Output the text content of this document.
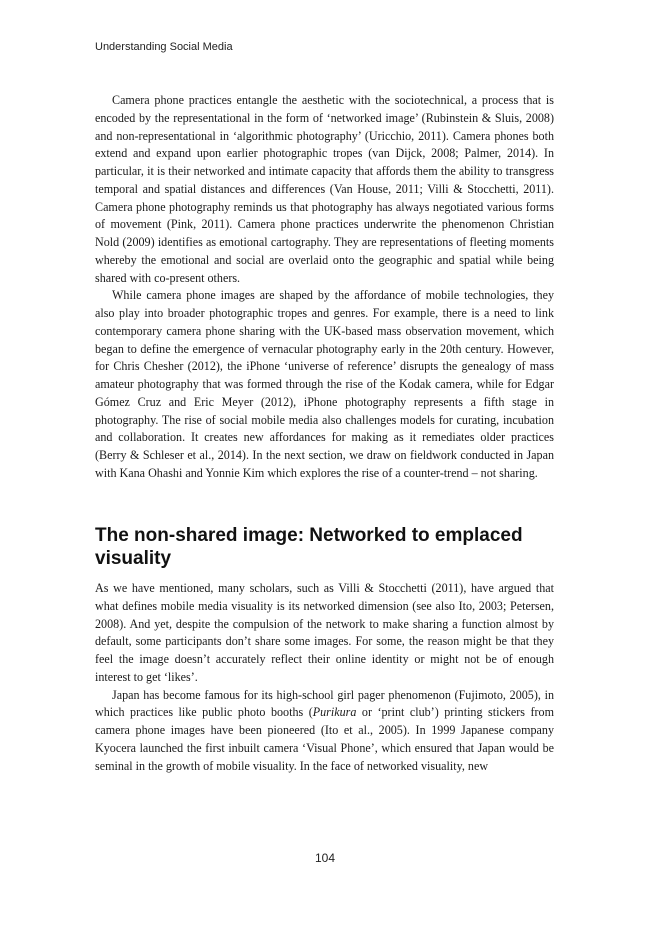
Understanding Social Media

Camera phone practices entangle the aesthetic with the sociotechnical, a process that is encoded by the representational in the form of ‘networked image’ (Rubinstein & Sluis, 2008) and non-representational in ‘algorithmic photography’ (Uricchio, 2011). Camera phones both extend and expand upon earlier photographic tropes (van Dijck, 2008; Palmer, 2014). In particular, it is their networked and intimate capacity that affords them the ability to transgress temporal and spatial distances and differences (Van House, 2011; Villi & Stocchetti, 2011). Camera phone photography reminds us that photography has always negotiated various forms of movement (Pink, 2011). Camera phone practices underwrite the phenomenon Christian Nold (2009) identifies as emotional cartography. They are representations of fleeting moments whereby the emotional and social are overlaid onto the geographic and spatial while being shared with co-present others.

While camera phone images are shaped by the affordance of mobile technologies, they also play into broader photographic tropes and genres. For example, there is a need to link contemporary camera phone sharing with the UK-based mass observation movement, which began to define the emergence of vernacular photography early in the 20th century. However, for Chris Chesher (2012), the iPhone ‘universe of reference’ disrupts the genealogy of mass amateur photography that was formed through the rise of the Kodak camera, while for Edgar Gómez Cruz and Eric Meyer (2012), iPhone photography represents a fifth stage in photography. The rise of social mobile media also challenges models for curating, incubation and collaboration. It creates new affordances for making as it remediates older practices (Berry & Schleser et al., 2014). In the next section, we draw on fieldwork conducted in Japan with Kana Ohashi and Yonnie Kim which explores the rise of a counter-trend – not sharing.

The non-shared image: Networked to emplaced visuality

As we have mentioned, many scholars, such as Villi & Stocchetti (2011), have argued that what defines mobile media visuality is its networked dimension (see also Ito, 2003; Petersen, 2008). And yet, despite the compulsion of the network to make sharing a function almost by default, some participants don’t share some images. For some, the reason might be that they feel the image doesn’t accurately reflect their online identity or might not be of enough interest to get ‘likes’.

Japan has become famous for its high-school girl pager phenomenon (Fujimoto, 2005), in which practices like public photo booths (Purikura or ‘print club’) printing stickers from camera phone images have been pioneered (Ito et al., 2005). In 1999 Japanese company Kyocera launched the first inbuilt camera ‘Visual Phone’, which ensured that Japan would be seminal in the growth of mobile visuality. In the face of networked visuality, new

104
